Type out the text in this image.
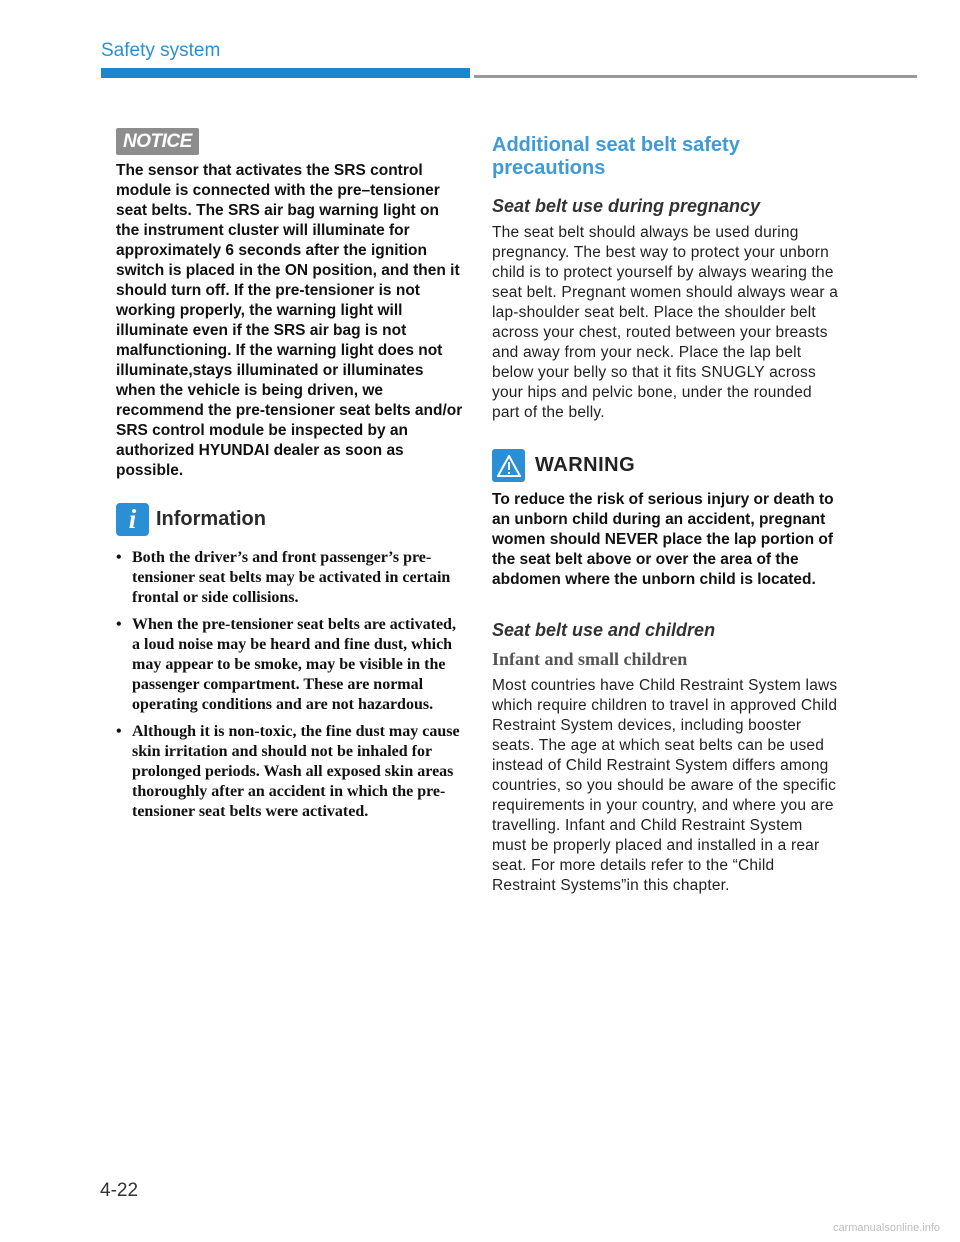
Safety system
NOTICE

The sensor that activates the SRS control module is connected with the pre–tensioner seat belts. The SRS air bag warning light on the instrument cluster will illuminate for approximately 6 seconds after the ignition switch is placed in the ON position, and then it should turn off. If the pre-tensioner is not working properly, the warning light will illuminate even if the SRS air bag is not malfunctioning. If the warning light does not illuminate,stays illuminated or illuminates when the vehicle is being driven, we recommend the pre-tensioner seat belts and/or SRS control module be inspected by an authorized HYUNDAI dealer as soon as possible.

i Information
• Both the driver’s and front passenger’s pre-tensioner seat belts may be activated in certain frontal or side collisions.
• When the pre-tensioner seat belts are activated, a loud noise may be heard and fine dust, which may appear to be smoke, may be visible in the passenger compartment. These are normal operating conditions and are not hazardous.
• Although it is non-toxic, the fine dust may cause skin irritation and should not be inhaled for prolonged periods. Wash all exposed skin areas thoroughly after an accident in which the pre-tensioner seat belts were activated.
Additional seat belt safety precautions
Seat belt use during pregnancy

The seat belt should always be used during pregnancy. The best way to protect your unborn child is to protect yourself by always wearing the seat belt. Pregnant women should always wear a lap-shoulder seat belt. Place the shoulder belt across your chest, routed between your breasts and away from your neck. Place the lap belt below your belly so that it fits SNUGLY across your hips and pelvic bone, under the rounded part of the belly.

WARNING

To reduce the risk of serious injury or death to an unborn child during an accident, pregnant women should NEVER place the lap portion of the seat belt above or over the area of the abdomen where the unborn child is located.

Seat belt use and children
Infant and small children

Most countries have Child Restraint System laws which require children to travel in approved Child Restraint System devices, including booster seats. The age at which seat belts can be used instead of Child Restraint System differs among countries, so you should be aware of the specific requirements in your country, and where you are travelling. Infant and Child Restraint System must be properly placed and installed in a rear seat. For more details refer to the “Child Restraint Systems”in this chapter.

4-22
carmanualsonline.info
